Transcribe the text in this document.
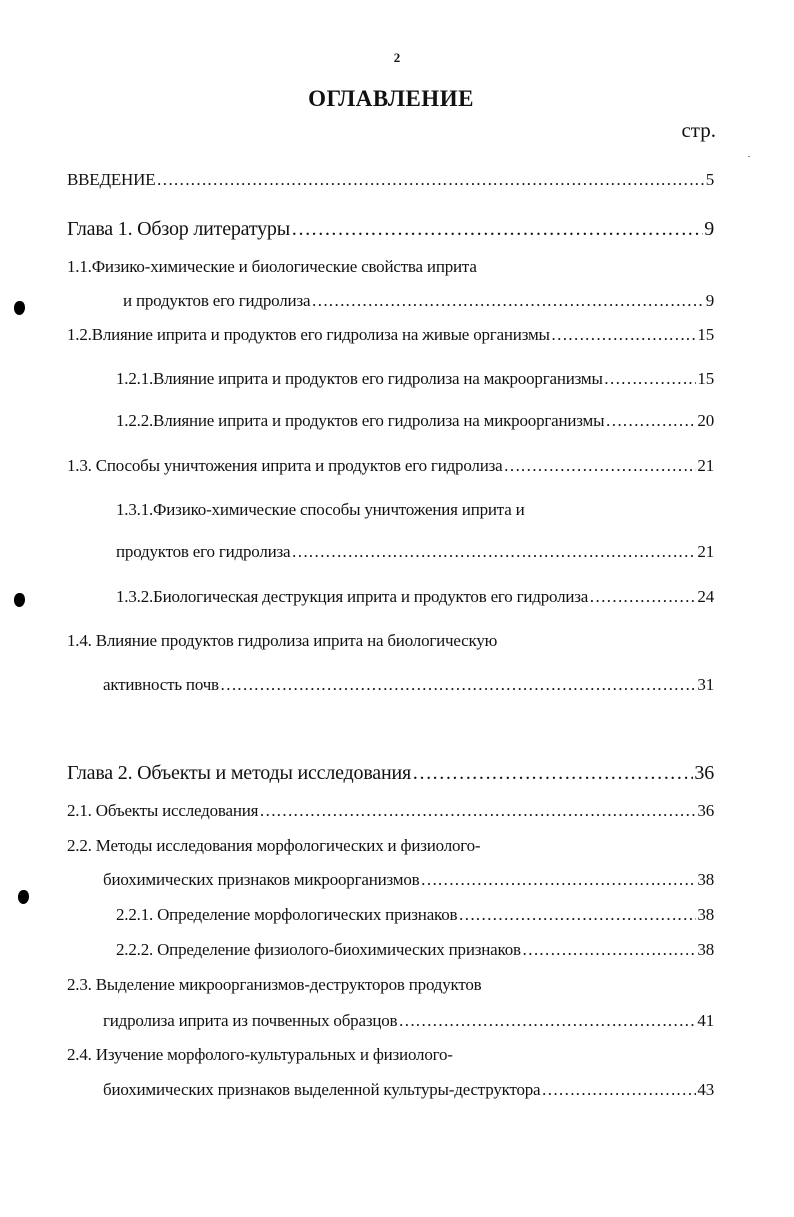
2
ОГЛАВЛЕНИЕ
стр.
ВВЕДЕНИЕ ……………………………………………………………………………………………………………………………………………………………………	5
Глава 1. Обзор литературы ……………………………………………………………………………………………………………………………………………………………………	9
1.1.Физико-химические и биологические свойства иприта
и продуктов его гидролиза ……………………………………………………………………………………………………………………………………………………………………	9
1.2.Влияние иприта и продуктов его гидролиза на живые организмы ……………………………………………………………………………………………………………………………………………………………………	15
1.2.1.Влияние иприта и продуктов его гидролиза на макроорганизмы ……………………………………………………………………………………………………………………………………………………………………	15
1.2.2.Влияние иприта и продуктов его гидролиза на микроорганизмы ……………………………………………………………………………………………………………………………………………………………………	20
1.3. Способы уничтожения иприта и продуктов его гидролиза ……………………………………………………………………………………………………………………………………………………………………	21
1.3.1.Физико-химические способы уничтожения иприта и
продуктов его гидролиза ……………………………………………………………………………………………………………………………………………………………………	21
1.3.2.Биологическая деструкция иприта и продуктов его гидролиза ……………………………………………………………………………………………………………………………………………………………………	24
1.4. Влияние продуктов гидролиза иприта на биологическую
активность почв ……………………………………………………………………………………………………………………………………………………………………	31
Глава 2. Объекты и методы исследования ……………………………………………………………………………………………………………………………………………………………………	36
2.1. Объекты исследования ……………………………………………………………………………………………………………………………………………………………………	36
2.2. Методы исследования морфологических и физиолого-
биохимических признаков микроорганизмов ……………………………………………………………………………………………………………………………………………………………………	38
2.2.1. Определение морфологических признаков ……………………………………………………………………………………………………………………………………………………………………	38
2.2.2. Определение физиолого-биохимических признаков ……………………………………………………………………………………………………………………………………………………………………	38
2.3. Выделение микроорганизмов-деструкторов продуктов
гидролиза иприта из почвенных образцов ……………………………………………………………………………………………………………………………………………………………………	41
2.4. Изучение морфолого-культуральных и физиолого-
биохимических признаков выделенной культуры-деструктора ……………………………………………………………………………………………………………………………………………………………………	43
